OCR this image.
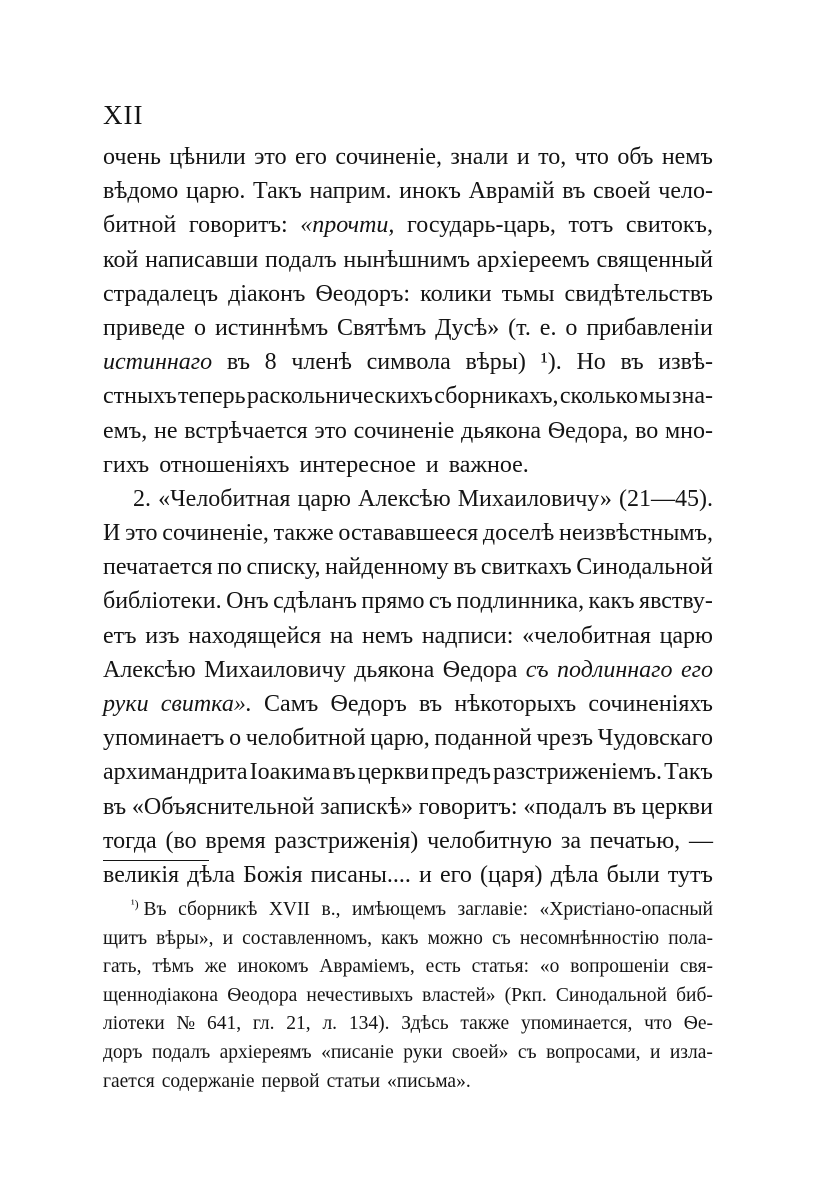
XII
очень цѣнили это его сочиненіе, знали и то, что объ немъ
вѣдомо царю. Такъ наприм. инокъ Аврамій въ своей чело-
битной говоритъ: «прочти, государь-царь, тотъ свитокъ,
кой написавши подалъ нынѣшнимъ архіереемъ священный
страдалецъ діаконъ Ѳеодоръ: колики тьмы свидѣтельствъ
приведе о истиннѣмъ Святѣмъ Дусѣ» (т. е. о прибавленіи
истиннаго въ 8 членѣ символа вѣры) ¹). Но въ извѣ-
стныхъ теперь раскольническихъ сборникахъ, сколько мы зна-
емъ, не встрѣчается это сочиненіе дьякона Ѳедора, во мно-
гихъ отношеніяхъ интересное и важное.
2. «Челобитная царю Алексѣю Михаиловичу» (21—45).
И это сочиненіе, также остававшееся доселѣ неизвѣстнымъ,
печатается по списку, найденному въ свиткахъ Синодальной
библіотеки. Онъ сдѣланъ прямо съ подлинника, какъ явству-
етъ изъ находящейся на немъ надписи: «челобитная царю
Алексѣю Михаиловичу дьякона Ѳедора съ подлиннаго его
руки свитка». Самъ Ѳедоръ въ нѣкоторыхъ сочиненіяхъ
упоминаетъ о челобитной царю, поданной чрезъ Чудовскаго
архимандрита Іоакима въ церкви предъ разстриженіемъ. Такъ
въ «Объяснительной запискѣ» говоритъ: «подалъ въ церкви
тогда (во время разстриженія) челобитную за печатью, —
великія дѣла Божія писаны.... и его (царя) дѣла были тутъ
¹) Въ сборникѣ XVII в., имѣющемъ заглавіе: «Христіано-опасный
щитъ вѣры», и составленномъ, какъ можно съ несомнѣнностію пола-
гать, тѣмъ же инокомъ Авраміемъ, есть статья: «о вопрошеніи свя-
щеннодіакона Ѳеодора нечестивыхъ властей» (Ркп. Синодальной биб-
ліотеки № 641, гл. 21, л. 134). Здѣсь также упоминается, что Ѳе-
доръ подалъ архіереямъ «писаніе руки своей» съ вопросами, и изла-
гается содержаніе первой статьи «письма».
